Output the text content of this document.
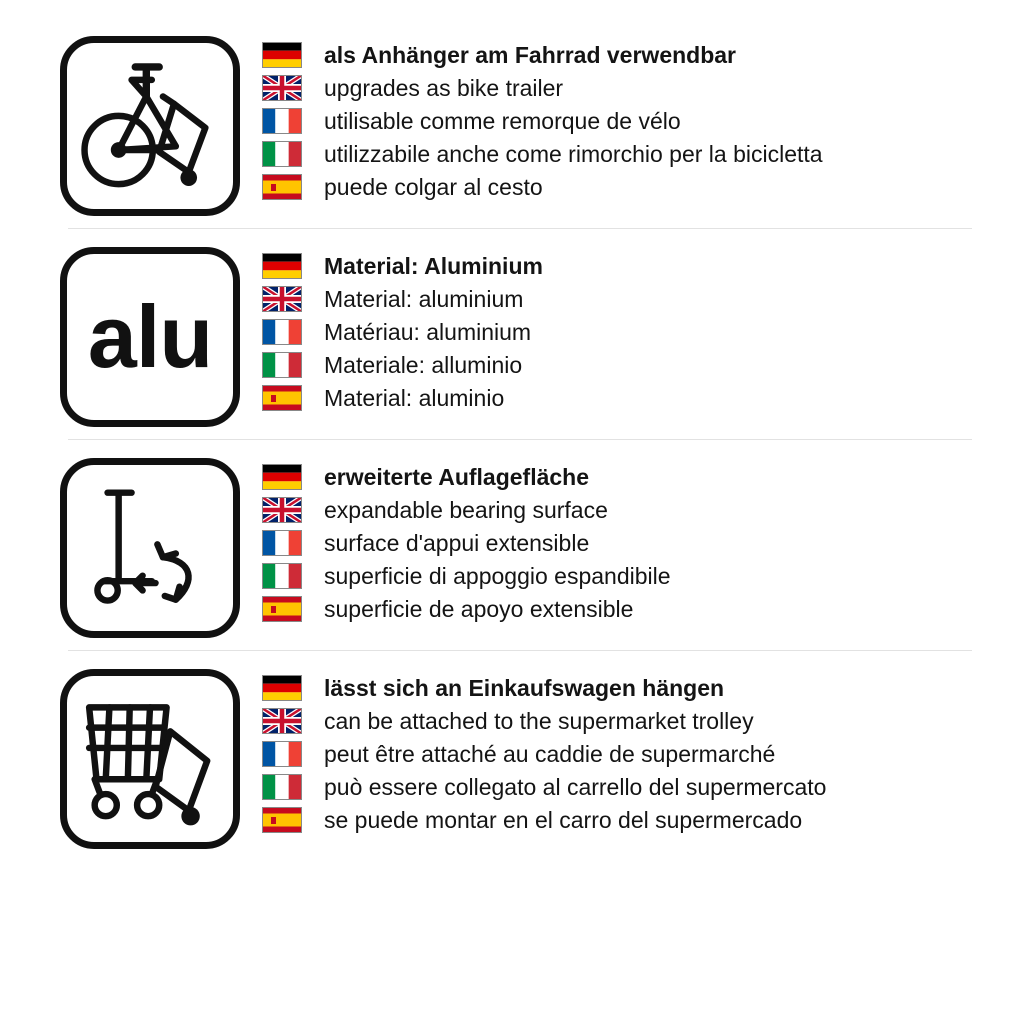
als Anhänger am Fahrrad verwendbar
upgrades as bike trailer
utilisable comme remorque de vélo
utilizzabile anche come rimorchio per la bicicletta
puede colgar al cesto
alu
Material: Aluminium
Material: aluminium
Matériau: aluminium
Materiale: alluminio
Material: aluminio
erweiterte Auflagefläche
expandable bearing surface
surface d'appui extensible
superficie di appoggio espandibile
superficie de apoyo extensible
lässt sich an Einkaufswagen hängen
can be attached to the supermarket trolley
peut être attaché au caddie de supermarché
può essere collegato al carrello del supermercato
se puede montar en el carro del supermercado
